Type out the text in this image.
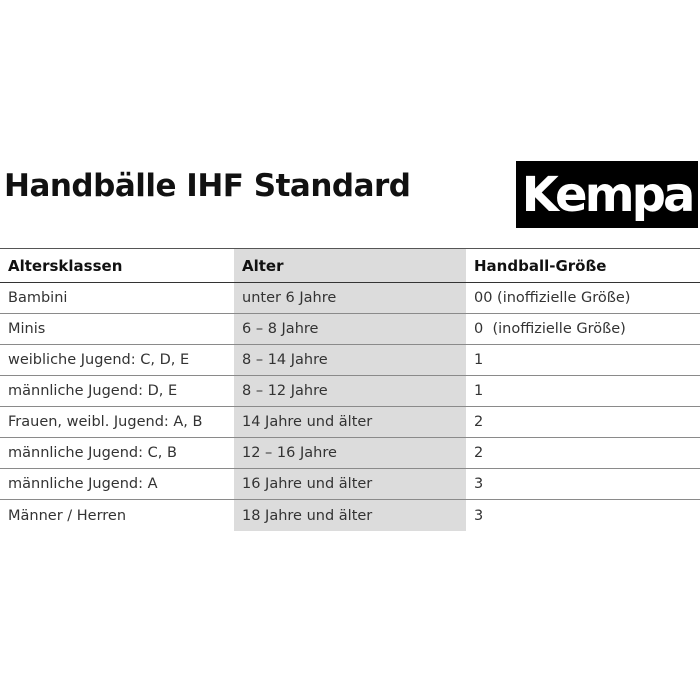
Handbälle IHF Standard Kempa
Altersklassen	Alter	Handball-Größe
Bambini	unter 6 Jahre	00 (inoffizielle Größe)
Minis	6 – 8 Jahre	0  (inoffizielle Größe)
weibliche Jugend: C, D, E	8 – 14 Jahre	1
männliche Jugend: D, E	8 – 12 Jahre	1
Frauen, weibl. Jugend: A, B	14 Jahre und älter	2
männliche Jugend: C, B	12 – 16 Jahre	2
männliche Jugend: A	16 Jahre und älter	3
Männer / Herren	18 Jahre und älter	3
